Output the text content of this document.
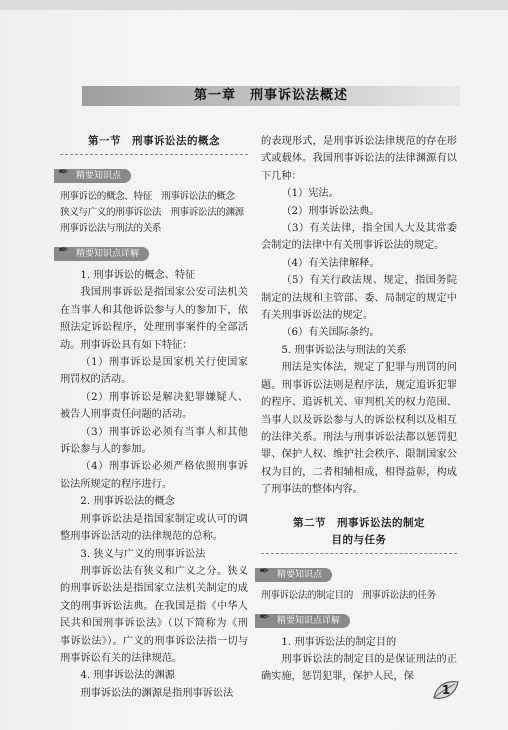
第一章　刑事诉讼法概述
第一节　刑事诉讼法的概念
✒ 精要知识点
刑事诉讼的概念、特征　刑事诉讼法的概念　狭义与广义的刑事诉讼法　刑事诉讼法的渊源　刑事诉讼法与刑法的关系
✒ 精要知识点详解

1. 刑事诉讼的概念、特征

我国刑事诉讼是指国家公安司法机关在当事人和其他诉讼参与人的参加下，依照法定诉讼程序，处理刑事案件的全部活动。刑事诉讼具有如下特征：

（1）刑事诉讼是国家机关行使国家刑罚权的活动。

（2）刑事诉讼是解决犯罪嫌疑人、被告人刑事责任问题的活动。

（3）刑事诉讼必须有当事人和其他诉讼参与人的参加。

（4）刑事诉讼必须严格依照刑事诉讼法所规定的程序进行。

2. 刑事诉讼法的概念

刑事诉讼法是指国家制定或认可的调整刑事诉讼活动的法律规范的总称。

3. 狭义与广义的刑事诉讼法

刑事诉讼法有狭义和广义之分。狭义的刑事诉讼法是指国家立法机关制定的成文的刑事诉讼法典。在我国是指《中华人民共和国刑事诉讼法》（以下简称为《刑事诉讼法》）。广义的刑事诉讼法指一切与刑事诉讼有关的法律规范。

4. 刑事诉讼法的渊源

刑事诉讼法的渊源是指刑事诉讼法

的表现形式，是刑事诉讼法律规范的存在形式或载体。我国刑事诉讼法的法律渊源有以下几种：

（1）宪法。

（2）刑事诉讼法典。

（3）有关法律，指全国人大及其常委会制定的法律中有关刑事诉讼法的规定。

（4）有关法律解释。

（5）有关行政法规、规定，指国务院制定的法规和主管部、委、局制定的规定中有关刑事诉讼法的规定。

（6）有关国际条约。

5. 刑事诉讼法与刑法的关系

刑法是实体法，规定了犯罪与刑罚的问题。刑事诉讼法则是程序法，规定追诉犯罪的程序、追诉机关、审判机关的权力范围、当事人以及诉讼参与人的诉讼权利以及相互的法律关系。刑法与刑事诉讼法都以惩罚犯罪、保护人权、维护社会秩序、限制国家公权为目的，二者相辅相成，相得益彰，构成了刑事法的整体内容。

第二节　刑事诉讼法的制定
目的与任务
✒ 精要知识点
刑事诉讼法的制定目的　刑事诉讼法的任务
✒ 精要知识点详解

1. 刑事诉讼法的制定目的

刑事诉讼法的制定目的是保证刑法的正确实施，惩罚犯罪，保护人民，保

1
